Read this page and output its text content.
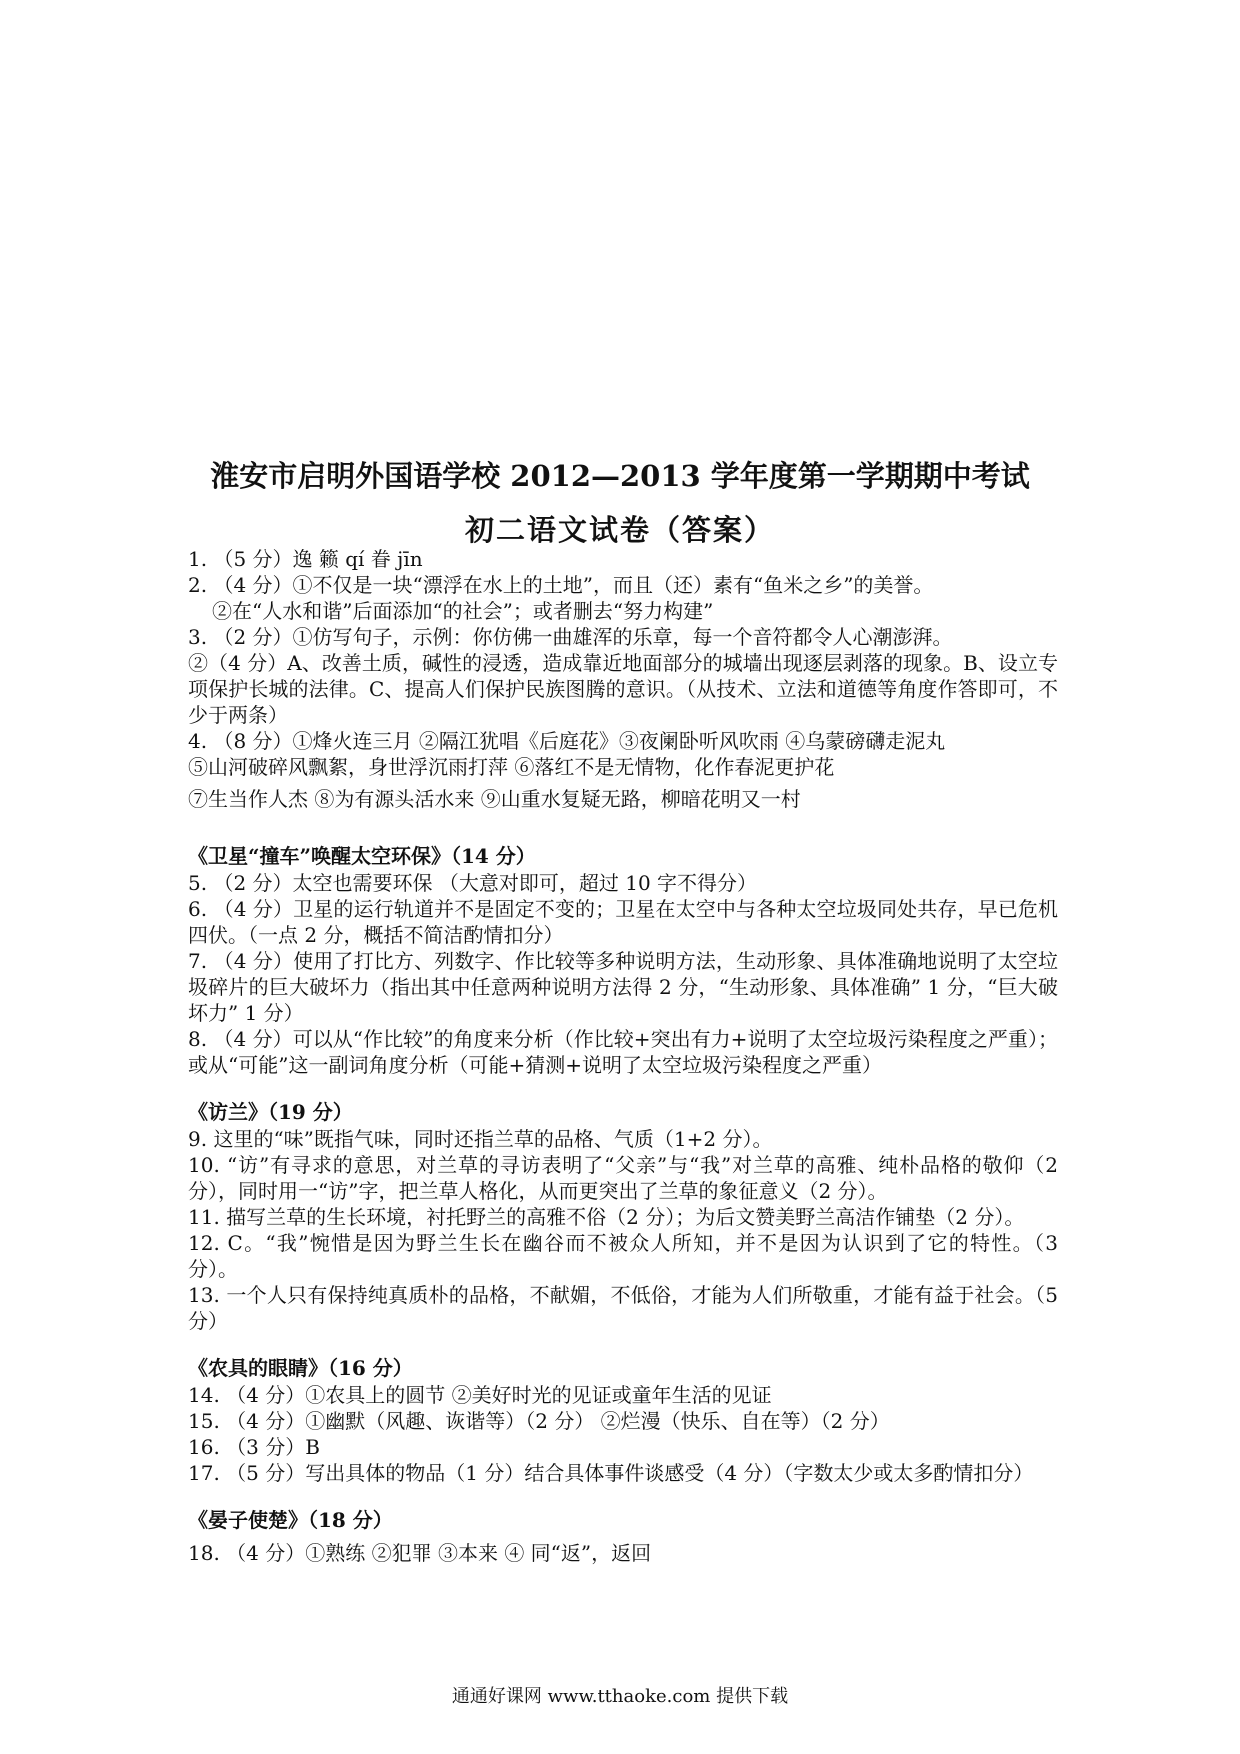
淮安市启明外国语学校 2012—2013 学年度第一学期期中考试
初二语文试卷（答案）
1. （5 分）逸 籁 qí 眷 jīn
2. （4 分）①不仅是一块“漂浮在水上的土地”，而且（还）素有“鱼米之乡”的美誉。
②在“人水和谐”后面添加“的社会”；或者删去“努力构建”
3. （2 分）①仿写句子，示例：你仿佛一曲雄浑的乐章，每一个音符都令人心潮澎湃。
②（4 分）A、改善土质，碱性的浸透，造成靠近地面部分的城墙出现逐层剥落的现象。B、设立专项保护长城的法律。C、提高人们保护民族图腾的意识。（从技术、立法和道德等角度作答即可，不少于两条）
4. （8 分）①烽火连三月 ②隔江犹唱《后庭花》③夜阑卧听风吹雨 ④乌蒙磅礴走泥丸
⑤山河破碎风飘絮，身世浮沉雨打萍 ⑥落红不是无情物，化作春泥更护花
⑦生当作人杰 ⑧为有源头活水来 ⑨山重水复疑无路，柳暗花明又一村
《卫星“撞车”唤醒太空环保》（14 分）
5. （2 分）太空也需要环保 （大意对即可，超过 10 字不得分）
6. （4 分）卫星的运行轨道并不是固定不变的；卫星在太空中与各种太空垃圾同处共存，早已危机四伏。（一点 2 分，概括不简洁酌情扣分）
7. （4 分）使用了打比方、列数字、作比较等多种说明方法，生动形象、具体准确地说明了太空垃圾碎片的巨大破坏力（指出其中任意两种说明方法得 2 分，“生动形象、具体准确” 1 分，“巨大破坏力” 1 分）
8. （4 分）可以从“作比较”的角度来分析（作比较+突出有力+说明了太空垃圾污染程度之严重）；或从“可能”这一副词角度分析（可能+猜测+说明了太空垃圾污染程度之严重）
《访兰》（19 分）
9. 这里的“味”既指气味，同时还指兰草的品格、气质（1+2 分）。
10. “访”有寻求的意思，对兰草的寻访表明了“父亲”与“我”对兰草的高雅、纯朴品格的敬仰（2 分），同时用一“访”字，把兰草人格化，从而更突出了兰草的象征意义（2 分）。
11. 描写兰草的生长环境，衬托野兰的高雅不俗（2 分）；为后文赞美野兰高洁作铺垫（2 分）。
12. C。“我”惋惜是因为野兰生长在幽谷而不被众人所知，并不是因为认识到了它的特性。（3 分）。
13. 一个人只有保持纯真质朴的品格，不献媚，不低俗，才能为人们所敬重，才能有益于社会。（5 分）
《农具的眼睛》（16 分）
14. （4 分）①农具上的圆节 ②美好时光的见证或童年生活的见证
15. （4 分）①幽默（风趣、诙谐等）（2 分） ②烂漫（快乐、自在等）（2 分）
16. （3 分）B
17. （5 分）写出具体的物品（1 分）结合具体事件谈感受（4 分）（字数太少或太多酌情扣分）
《晏子使楚》（18 分）
18. （4 分）①熟练 ②犯罪 ③本来 ④ 同“返”，返回
通通好课网 www.tthaoke.com 提供下载
